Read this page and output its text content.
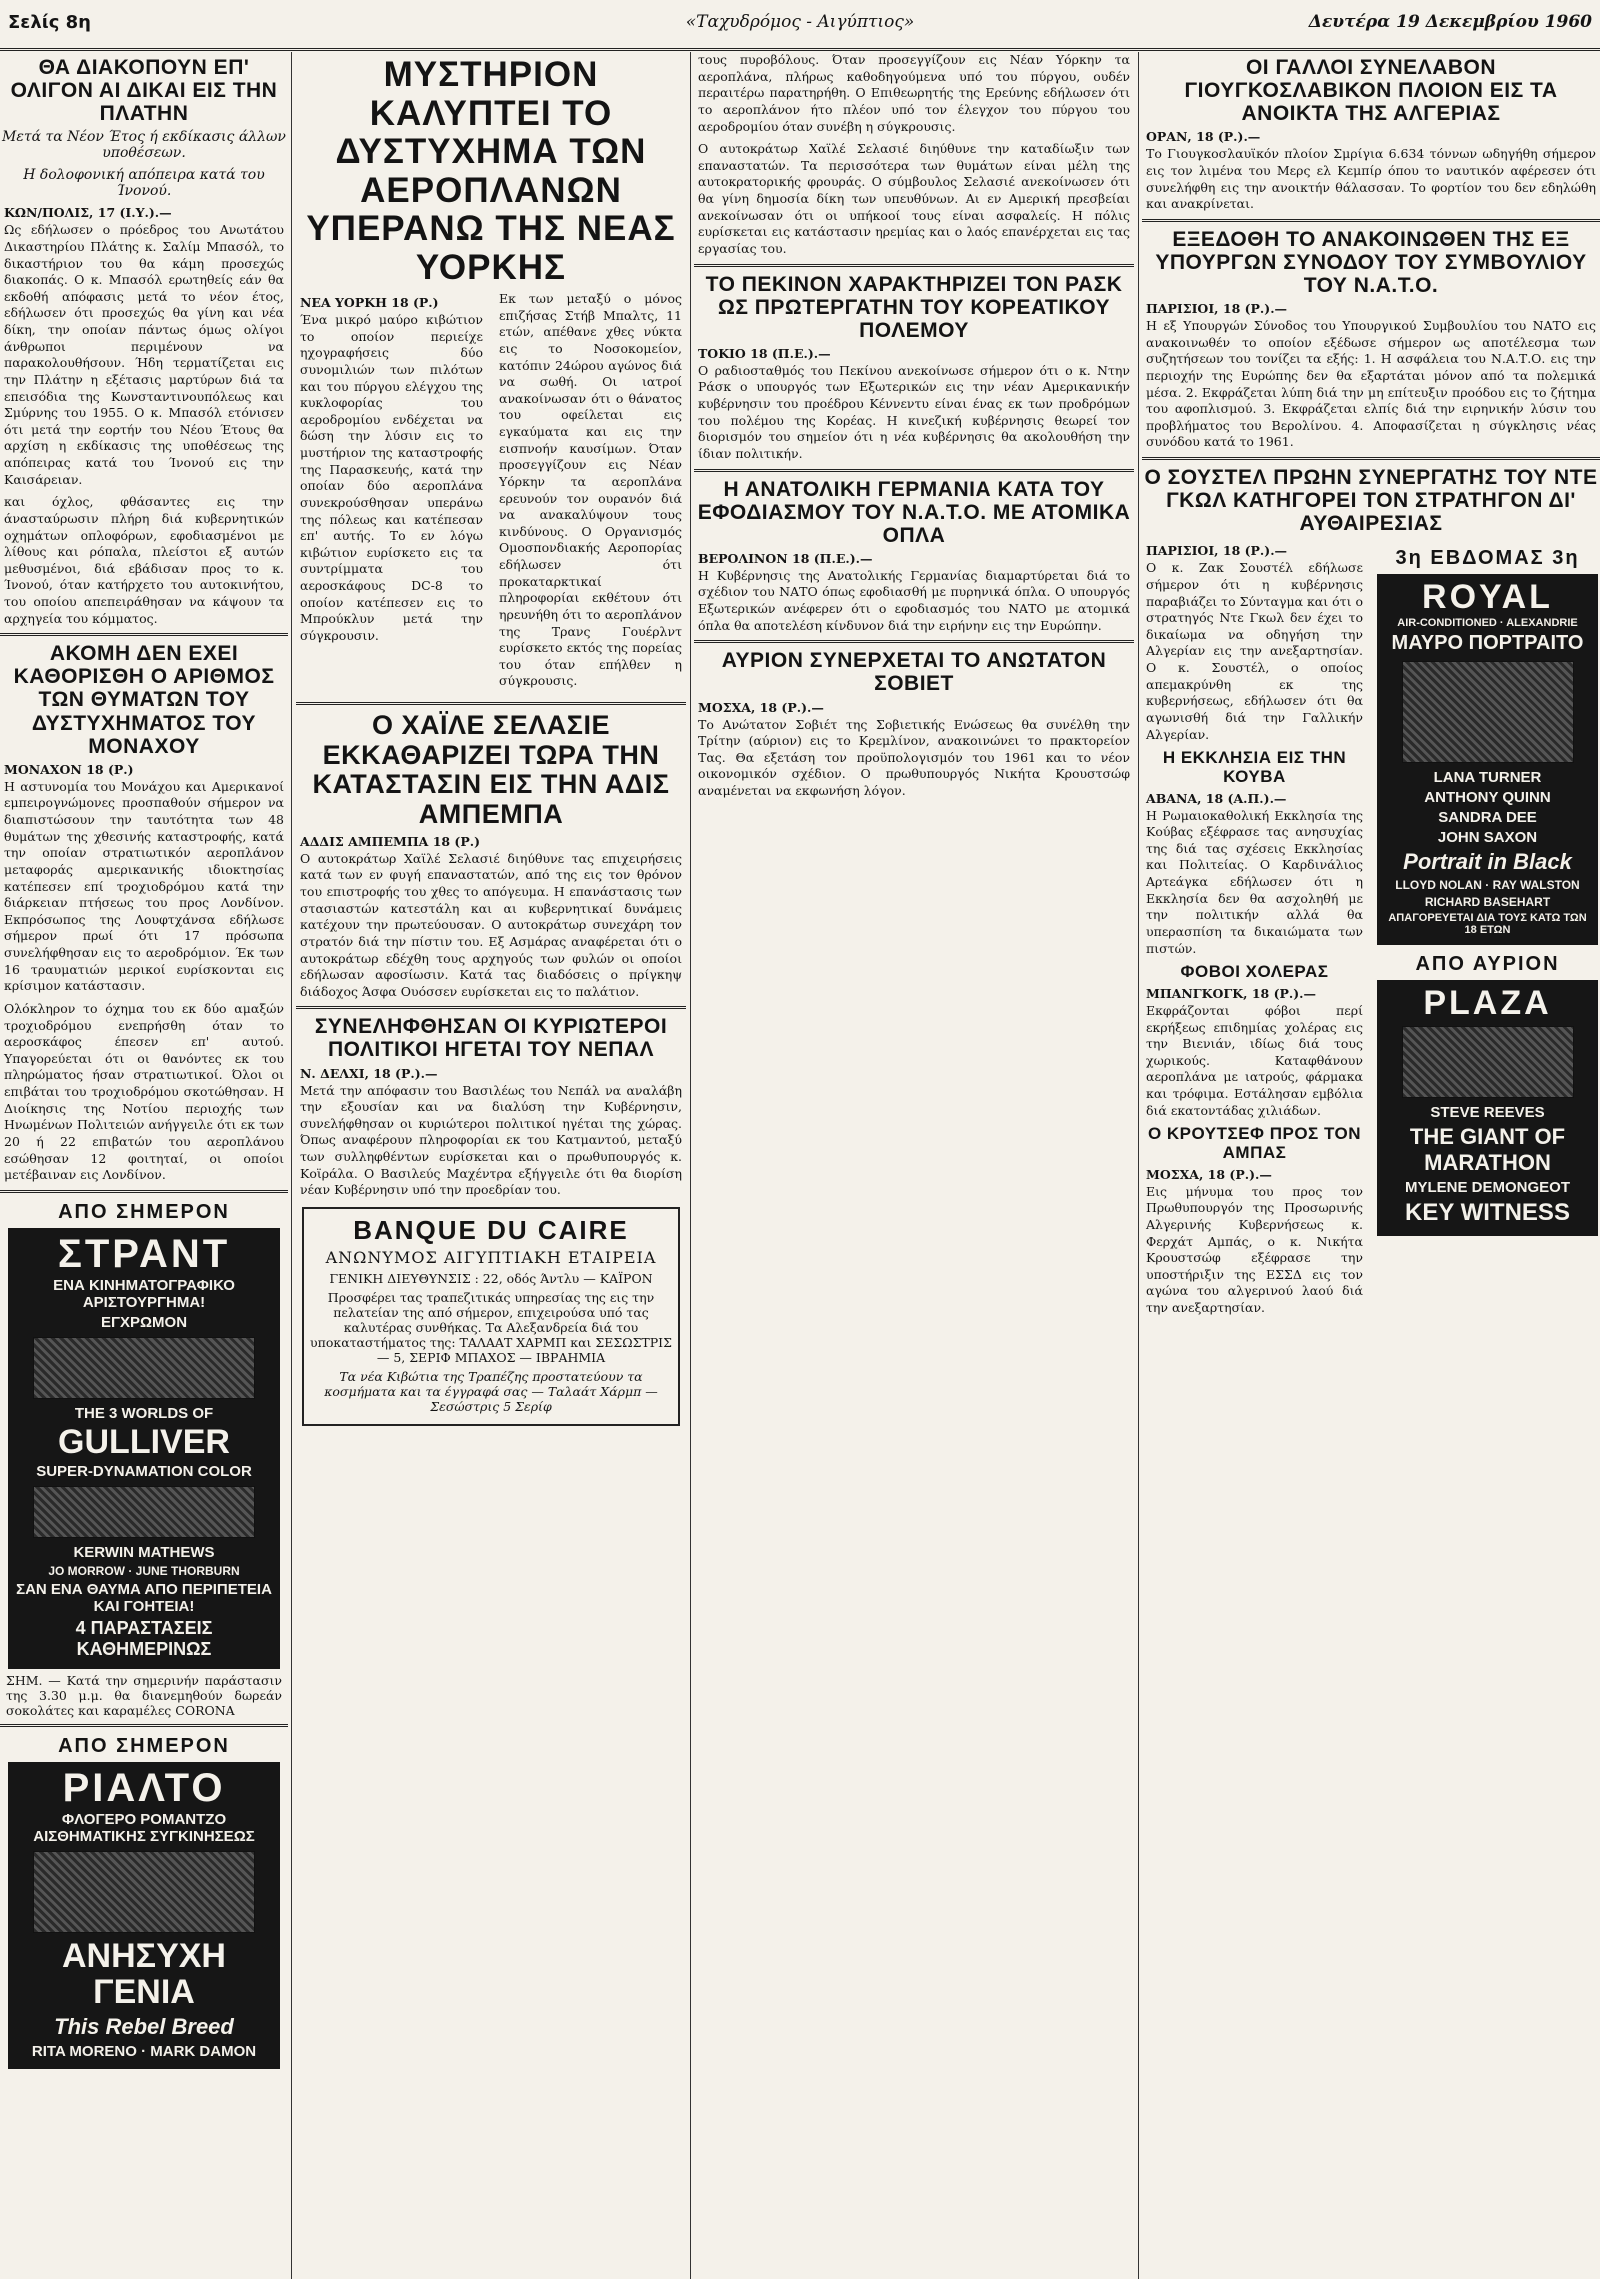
Σελίς 8η	«Ταχυδρόμος - Αιγύπτιος»	Δευτέρα 19 Δεκεμβρίου 1960
ΘΑ ΔΙΑΚΟΠΟΥΝ ΕΠ' ΟΛΙΓΟΝ ΑΙ ΔΙΚΑΙ ΕΙΣ ΤΗΝ ΠΛΑΤΗΝ
Μετά τα Νέον Έτος ή εκδίκασις άλλων υποθέσεων.
Η δολοφονική απόπειρα κατά του Ίνονού.
ΚΩΝ/ΠΟΛΙΣ, 17 (Ι.Υ.).—
Ως εδήλωσεν ο πρόεδρος του Ανωτάτου Δικαστηρίου Πλάτης κ. Σαλίμ Μπασόλ, το δικαστήριον του θα κάμη προσεχώς διακοπάς. Ο κ. Μπασόλ ερωτηθείς εάν θα εκδοθή απόφασις μετά το νέον έτος, εδήλωσεν ότι προσεχώς θα γίνη και νέα δίκη, την οποίαν πάντως όμως ολίγοι άνθρωποι περιμένουν να παρακολουθήσουν. Ήδη τερματίζεται εις την Πλάτην η εξέτασις μαρτύρων διά τα επεισόδια της Κωνσταντινουπόλεως και Σμύρνης του 1955. Ο κ. Μπασόλ ετόνισεν ότι μετά την εορτήν του Νέου Έτους θα αρχίση η εκδίκασις της υποθέσεως της απόπειρας κατά του Ίνονού εις την Καισάρειαν.
και όχλος, φθάσαντες εις την άνασταύρωσιν πλήρη διά κυβερνητικών οχημάτων οπλοφόρων, εφοδιασμένοι με λίθους και ρόπαλα, πλείστοι εξ αυτών μεθυσμένοι, διά εβάδισαν προς το κ. Ίνονού, όταν κατήρχετο του αυτοκινήτου, του οποίου απεπειράθησαν να κάψουν τα αρχηγεία του κόμματος.
ΑΚΟΜΗ ΔΕΝ ΕΧΕΙ ΚΑΘΟΡΙΣΘΗ Ο ΑΡΙΘΜΟΣ ΤΩΝ ΘΥΜΑΤΩΝ ΤΟΥ ΔΥΣΤΥΧΗΜΑΤΟΣ ΤΟΥ ΜΟΝΑΧΟΥ
ΜΟΝΑΧΟΝ 18 (Ρ.)
Η αστυνομία του Μονάχου και Αμερικανοί εμπειρογνώμονες προσπαθούν σήμερον να διαπιστώσουν την ταυτότητα των 48 θυμάτων της χθεσινής καταστροφής, κατά την οποίαν στρατιωτικόν αεροπλάνον μεταφοράς αμερικανικής ιδιοκτησίας κατέπεσεν επί τροχιοδρόμου κατά την διάρκειαν πτήσεως του προς Λονδίνον. Εκπρόσωπος της Λουφτχάνσα εδήλωσε σήμερον πρωί ότι 17 πρόσωπα συνελήφθησαν εις το αεροδρόμιον. Έκ των 16 τραυματιών μερικοί ευρίσκονται εις κρίσιμον κατάστασιν.
Ολόκληρον το όχημα του εκ δύο αμαξών τροχιοδρόμου ενεπρήσθη όταν το αεροσκάφος έπεσεν επ' αυτού. Υπαγορεύεται ότι οι θανόντες εκ του πληρώματος ήσαν στρατιωτικοί. Όλοι οι επιβάται του τροχιοδρόμου σκοτώθησαν. Η Διοίκησις της Νοτίου περιοχής των Ηνωμένων Πολιτειών ανήγγειλε ότι εκ των 20 ή 22 επιβατών του αεροπλάνου εσώθησαν 12 φοιτηταί, οι οποίοι μετέβαιναν εις Λονδίνον.
ΑΠΟ ΣΗΜΕΡΟΝ
ΣΤΡΑΝΤ
ΕΝΑ ΚΙΝΗΜΑΤΟΓΡΑΦΙΚΟ ΑΡΙΣΤΟΥΡΓΗΜΑ!
ΕΓΧΡΩΜΟΝ
THE 3 WORLDS OF
GULLIVER
SUPER-DYNAMATION COLOR
KERWIN MATHEWS
JO MORROW · JUNE THORBURN
ΣΑΝ ΕΝΑ ΘΑΥΜΑ ΑΠΟ ΠΕΡΙΠΕΤΕΙΑ ΚΑΙ ΓΟΗΤΕΙΑ!
4 ΠΑΡΑΣΤΑΣΕΙΣ ΚΑΘΗΜΕΡΙΝΩΣ
ΣΗΜ. — Κατά την σημερινήν παράστασιν της 3.30 μ.μ. θα διανεμηθούν δωρεάν σοκολάτες και καραμέλες CORONA
ΑΠΟ ΣΗΜΕΡΟΝ
ΡΙΑΛΤΟ
ΦΛΟΓΕΡΟ ΡΟΜΑΝΤΖΟ ΑΙΣΘΗΜΑΤΙΚΗΣ ΣΥΓΚΙΝΗΣΕΩΣ
ΑΝΗΣΥΧΗ ΓΕΝΙΑ
This Rebel Breed
RITA MORENO · MARK DAMON
ΜΥΣΤΗΡΙΟΝ ΚΑΛΥΠΤΕΙ ΤΟ ΔΥΣΤΥΧΗΜΑ ΤΩΝ ΑΕΡΟΠΛΑΝΩΝ ΥΠΕΡΑΝΩ ΤΗΣ ΝΕΑΣ ΥΟΡΚΗΣ
ΝΕΑ ΥΟΡΚΗ 18 (Ρ.)
Ένα μικρό μαύρο κιβώτιον το οποίον περιείχε ηχογραφήσεις δύο συνομιλιών των πιλότων και του πύργου ελέγχου της κυκλοφορίας του αεροδρομίου ενδέχεται να δώση την λύσιν εις το μυστήριον της καταστροφής της Παρασκευής, κατά την οποίαν δύο αεροπλάνα συνεκρούσθησαν υπεράνω της πόλεως και κατέπεσαν επ' αυτής. Το εν λόγω κιβώτιον ευρίσκετο εις τα συντρίμματα του αεροσκάφους DC-8 το οποίον κατέπεσεν εις το Μπρούκλυν μετά την σύγκρουσιν.
Εκ των μεταξύ ο μόνος επιζήσας Στήβ Μπαλτς, 11 ετών, απέθανε χθες νύκτα εις το Νοσοκομείον, κατόπιν 24ώρου αγώνος διά να σωθή. Οι ιατροί ανακοίνωσαν ότι ο θάνατος του οφείλεται εις εγκαύματα και εις την εισπνοήν καυσίμων. Όταν προσεγγίζουν εις Νέαν Υόρκην τα αεροπλάνα ερευνούν τον ουρανόν διά να ανακαλύψουν τους κινδύνους. Ο Οργανισμός Ομοσπονδιακής Αεροπορίας εδήλωσεν ότι προκαταρκτικαί πληροφορίαι εκθέτουν ότι ηρευνήθη ότι το αεροπλάνον της Τρανς Γουέρλντ ευρίσκετο εκτός της πορείας του όταν επήλθεν η σύγκρουσις.
Ο ΧΑΪΛΕ ΣΕΛΑΣΙΕ ΕΚΚΑΘΑΡΙΖΕΙ ΤΩΡΑ ΤΗΝ ΚΑΤΑΣΤΑΣΙΝ ΕΙΣ ΤΗΝ ΑΔΙΣ ΑΜΠΕΜΠΑ
ΑΔΔΙΣ ΑΜΠΕΜΠΑ 18 (Ρ.)
Ο αυτοκράτωρ Χαϊλέ Σελασιέ διηύθυνε τας επιχειρήσεις κατά των εν φυγή επαναστατών, από της εις τον θρόνον του επιστροφής του χθες το απόγευμα. Η επανάστασις των στασιαστών κατεστάλη και αι κυβερνητικαί δυνάμεις κατέχουν την πρωτεύουσαν. Ο αυτοκράτωρ συνεχάρη τον στρατόν διά την πίστιν του. Εξ Ασμάρας αναφέρεται ότι ο αυτοκράτωρ εδέχθη τους αρχηγούς των φυλών οι οποίοι εδήλωσαν αφοσίωσιν. Κατά τας διαδόσεις ο πρίγκηψ διάδοχος Άσφα Ουόσσεν ευρίσκεται εις το παλάτιον.
ΣΥΝΕΛΗΦΘΗΣΑΝ ΟΙ ΚΥΡΙΩΤΕΡΟΙ ΠΟΛΙΤΙΚΟΙ ΗΓΕΤΑΙ ΤΟΥ ΝΕΠΑΛ
Ν. ΔΕΛΧΙ, 18 (Ρ.).—
Μετά την απόφασιν του Βασιλέως του Νεπάλ να αναλάβη την εξουσίαν και να διαλύση την Κυβέρνησιν, συνελήφθησαν οι κυριώτεροι πολιτικοί ηγέται της χώρας. Όπως αναφέρουν πληροφορίαι εκ του Κατμαντού, μεταξύ των συλληφθέντων ευρίσκεται και ο πρωθυπουργός κ. Κοϊράλα. Ο Βασιλεύς Μαχέντρα εξήγγειλε ότι θα διορίση νέαν Κυβέρνησιν υπό την προεδρίαν του.
BANQUE DU CAIRE
ΑΝΩΝΥΜΟΣ ΑΙΓΥΠΤΙΑΚΗ ΕΤΑΙΡΕΙΑ
ΓΕΝΙΚΗ ΔΙΕΥΘΥΝΣΙΣ : 22, οδός Άντλυ — ΚΑΪΡΟΝ
Προσφέρει τας τραπεζιτικάς υπηρεσίας της εις την πελατείαν της από σήμερον, επιχειρούσα υπό τας καλυτέρας συνθήκας. Τα Αλεξανδρεία διά του υποκαταστήματος της: ΤΑΛΑΑΤ ΧΑΡΜΠ και ΣΕΣΩΣΤΡΙΣ — 5, ΣΕΡΙΦ ΜΠΑΧΟΣ — ΙΒΡΑΗΜΙΑ
Τα νέα Κιβώτια της Τραπέζης προστατεύουν τα κοσμήματα και τα έγγραφά σας — Ταλαάτ Χάρμπ — Σεσώστρις 5 Σερίφ
τους πυροβόλους. Όταν προσεγγίζουν εις Νέαν Υόρκην τα αεροπλάνα, πλήρως καθοδηγούμενα υπό του πύργου, ουδέν περαιτέρω παρατηρήθη. Ο Επιθεωρητής της Ερεύνης εδήλωσεν ότι το αεροπλάνον ήτο πλέον υπό τον έλεγχον του πύργου του αεροδρομίου όταν συνέβη η σύγκρουσις.
Ο αυτοκράτωρ Χαϊλέ Σελασιέ διηύθυνε την καταδίωξιν των επαναστατών. Τα περισσότερα των θυμάτων είναι μέλη της αυτοκρατορικής φρουράς. Ο σύμβουλος Σελασιέ ανεκοίνωσεν ότι θα γίνη δημοσία δίκη των υπευθύνων. Αι εν Αμερική πρεσβείαι ανεκοίνωσαν ότι οι υπήκοοί τους είναι ασφαλείς. Η πόλις ευρίσκεται εις κατάστασιν ηρεμίας και ο λαός επανέρχεται εις τας εργασίας του.
ΤΟ ΠΕΚΙΝΟΝ ΧΑΡΑΚΤΗΡΙΖΕΙ ΤΟΝ ΡΑΣΚ ΩΣ ΠΡΩΤΕΡΓΑΤΗΝ ΤΟΥ ΚΟΡΕΑΤΙΚΟΥ ΠΟΛΕΜΟΥ
ΤΟΚΙΟ 18 (Π.Ε.).—
Ο ραδιοσταθμός του Πεκίνου ανεκοίνωσε σήμερον ότι ο κ. Ντην Ράσκ ο υπουργός των Εξωτερικών εις την νέαν Αμερικανικήν κυβέρνησιν του προέδρου Κέννεντυ είναι ένας εκ των προδρόμων του πολέμου της Κορέας. Η κινεζική κυβέρνησις θεωρεί τον διορισμόν του σημείον ότι η νέα κυβέρνησις θα ακολουθήση την ίδιαν πολιτικήν.
Η ΑΝΑΤΟΛΙΚΗ ΓΕΡΜΑΝΙΑ ΚΑΤΑ ΤΟΥ ΕΦΟΔΙΑΣΜΟΥ ΤΟΥ Ν.Α.Τ.Ο. ΜΕ ΑΤΟΜΙΚΑ ΟΠΛΑ
ΒΕΡΟΛΙΝΟΝ 18 (Π.Ε.).—
Η Κυβέρνησις της Ανατολικής Γερμανίας διαμαρτύρεται διά το σχέδιον του ΝΑΤΟ όπως εφοδιασθή με πυρηνικά όπλα. Ο υπουργός Εξωτερικών ανέφερεν ότι ο εφοδιασμός του ΝΑΤΟ με ατομικά όπλα θα αποτελέση κίνδυνον διά την ειρήνην εις την Ευρώπην.
ΑΥΡΙΟΝ ΣΥΝΕΡΧΕΤΑΙ ΤΟ ΑΝΩΤΑΤΟΝ ΣΟΒΙΕΤ
ΜΟΣΧΑ, 18 (Ρ.).—
Το Ανώτατον Σοβιέτ της Σοβιετικής Ενώσεως θα συνέλθη την Τρίτην (αύριον) εις το Κρεμλίνον, ανακοινώνει το πρακτορείον Τας. Θα εξετάση τον προϋπολογισμόν του 1961 και το νέον οικονομικόν σχέδιον. Ο πρωθυπουργός Νικήτα Κρουστσώφ αναμένεται να εκφωνήση λόγον.
ΟΙ ΓΑΛΛΟΙ ΣΥΝΕΛΑΒΟΝ ΓΙΟΥΓΚΟΣΛΑΒΙΚΟΝ ΠΛΟΙΟΝ ΕΙΣ ΤΑ ΑΝΟΙΚΤΑ ΤΗΣ ΑΛΓΕΡΙΑΣ
ΟΡΑΝ, 18 (Ρ.).—
Το Γιουγκοσλαυϊκόν πλοίον Σμρίγια 6.634 τόννων ωδηγήθη σήμερον εις τον λιμένα του Μερς ελ Κεμπίρ όπου το ναυτικόν αφέρεσεν ότι συνελήφθη εις την ανοικτήν θάλασσαν. Το φορτίον του δεν εδηλώθη και ανακρίνεται.
ΕΞΕΔΟΘΗ ΤΟ ΑΝΑΚΟΙΝΩΘΕΝ ΤΗΣ ΕΞ ΥΠΟΥΡΓΩΝ ΣΥΝΟΔΟΥ ΤΟΥ ΣΥΜΒΟΥΛΙΟΥ ΤΟΥ Ν.Α.Τ.Ο.
ΠΑΡΙΣΙΟΙ, 18 (Ρ.).—
Η εξ Υπουργών Σύνοδος του Υπουργικού Συμβουλίου του ΝΑΤΟ εις ανακοινωθέν το οποίον εξέδωσε σήμερον ως αποτέλεσμα των συζητήσεων του τονίζει τα εξής: 1. Η ασφάλεια του Ν.Α.Τ.Ο. εις την περιοχήν της Ευρώπης δεν θα εξαρτάται μόνον από τα πολεμικά μέσα. 2. Εκφράζεται λύπη διά την μη επίτευξιν προόδου εις το ζήτημα του αφοπλισμού. 3. Εκφράζεται ελπίς διά την ειρηνικήν λύσιν του προβλήματος του Βερολίνου. 4. Αποφασίζεται η σύγκλησις νέας συνόδου κατά το 1961.
Ο ΣΟΥΣΤΕΛ ΠΡΩΗΝ ΣΥΝΕΡΓΑΤΗΣ ΤΟΥ ΝΤΕ ΓΚΩΛ ΚΑΤΗΓΟΡΕΙ ΤΟΝ ΣΤΡΑΤΗΓΟΝ ΔΙ' ΑΥΘΑΙΡΕΣΙΑΣ
ΠΑΡΙΣΙΟΙ, 18 (Ρ.).—
Ο κ. Ζακ Σουστέλ εδήλωσε σήμερον ότι η κυβέρνησις παραβιάζει το Σύνταγμα και ότι ο στρατηγός Ντε Γκωλ δεν έχει το δικαίωμα να οδηγήση την Αλγερίαν εις την ανεξαρτησίαν. Ο κ. Σουστέλ, ο οποίος απεμακρύνθη εκ της κυβερνήσεως, εδήλωσεν ότι θα αγωνισθή διά την Γαλλικήν Αλγερίαν.
Η ΕΚΚΛΗΣΙΑ ΕΙΣ ΤΗΝ ΚΟΥΒΑ
ΑΒΑΝΑ, 18 (Α.Π.).—
Η Ρωμαιοκαθολική Εκκλησία της Κούβας εξέφρασε τας ανησυχίας της διά τας σχέσεις Εκκλησίας και Πολιτείας. Ο Καρδινάλιος Αρτεάγκα εδήλωσεν ότι η Εκκλησία δεν θα ασχοληθή με την πολιτικήν αλλά θα υπερασπίση τα δικαιώματα των πιστών.
ΦΟΒΟΙ ΧΟΛΕΡΑΣ
ΜΠΑΝΓΚΟΓΚ, 18 (Ρ.).—
Εκφράζονται φόβοι περί εκρήξεως επιδημίας χολέρας εις την Βιενιάν, ιδίως διά τους χωρικούς. Καταφθάνουν αεροπλάνα με ιατρούς, φάρμακα και τρόφιμα. Εστάλησαν εμβόλια διά εκατοντάδας χιλιάδων.
Ο ΚΡΟΥΤΣΕΦ ΠΡΟΣ ΤΟΝ ΑΜΠΑΣ
ΜΟΣΧΑ, 18 (Ρ.).—
Εις μήνυμα του προς τον Πρωθυπουργόν της Προσωρινής Αλγερινής Κυβερνήσεως κ. Φερχάτ Αμπάς, ο κ. Νικήτα Κρουστσώφ εξέφρασε την υποστήριξιν της ΕΣΣΔ εις τον αγώνα του αλγερινού λαού διά την ανεξαρτησίαν.
3η ΕΒΔΟΜΑΣ 3η
ROYAL
AIR-CONDITIONED · ALEXANDRIE
ΜΑΥΡΟ ΠΟΡΤΡΑΙΤΟ
LANA TURNER
ANTHONY QUINN
SANDRA DEE
JOHN SAXON
Portrait in Black
LLOYD NOLAN · RAY WALSTON
RICHARD BASEHART
ΑΠΑΓΟΡΕΥΕΤΑΙ ΔΙΑ ΤΟΥΣ ΚΑΤΩ ΤΩΝ 18 ΕΤΩΝ
ΑΠΟ ΑΥΡΙΟΝ
PLAZA
STEVE REEVES
THE GIANT OF MARATHON
MYLENE DEMONGEOT
KEY WITNESS
